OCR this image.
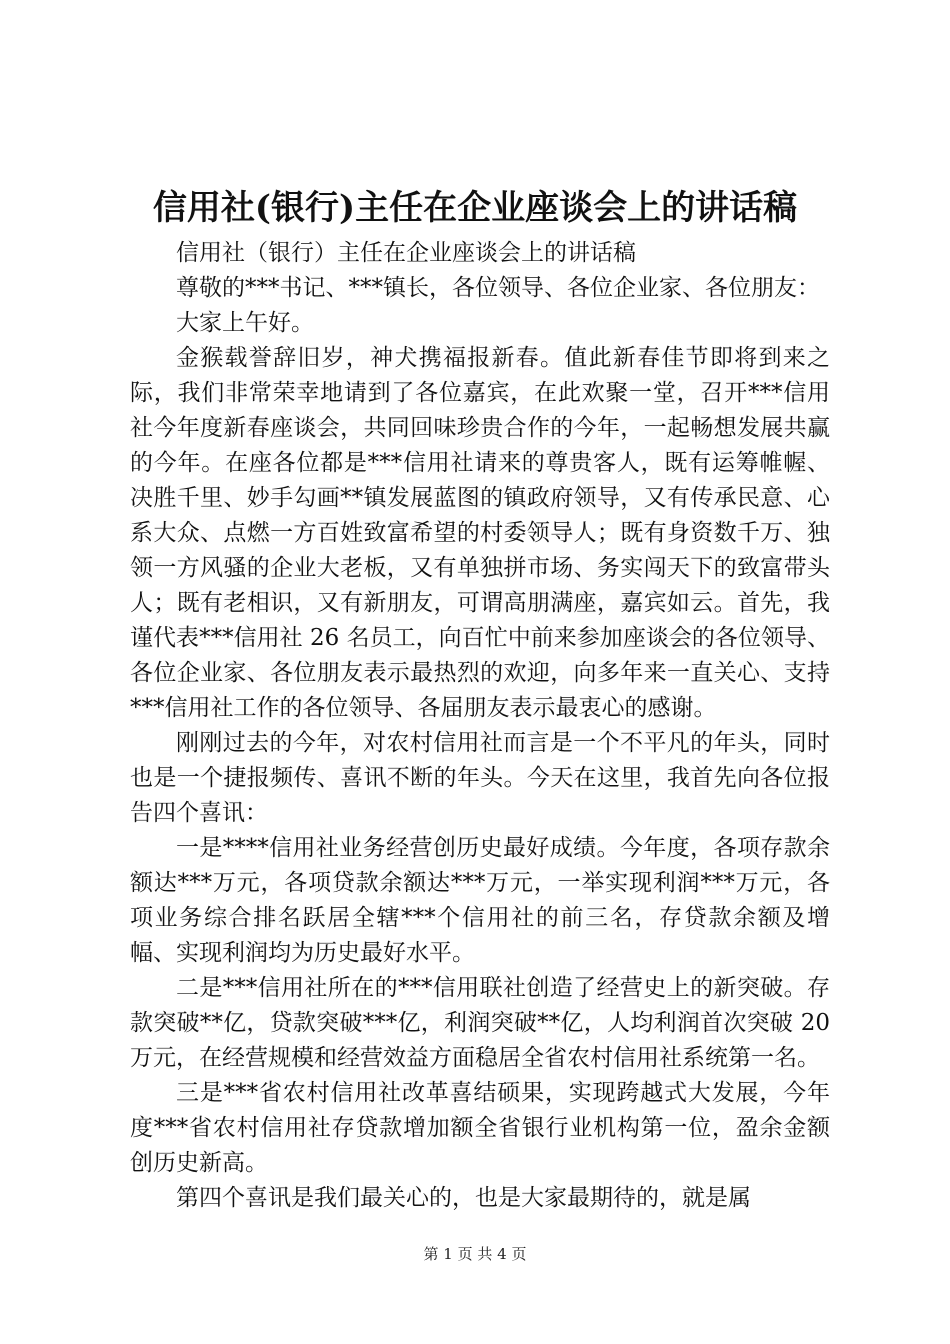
信用社(银行)主任在企业座谈会上的讲话稿

信用社（银行）主任在企业座谈会上的讲话稿

尊敬的***书记、***镇长，各位领导、各位企业家、各位朋友：

大家上午好。

金猴载誉辞旧岁，神犬携福报新春。值此新春佳节即将到来之际，我们非常荣幸地请到了各位嘉宾，在此欢聚一堂，召开***信用社今年度新春座谈会，共同回味珍贵合作的今年，一起畅想发展共赢的今年。在座各位都是***信用社请来的尊贵客人，既有运筹帷幄、决胜千里、妙手勾画**镇发展蓝图的镇政府领导，又有传承民意、心系大众、点燃一方百姓致富希望的村委领导人；既有身资数千万、独领一方风骚的企业大老板，又有单独拼市场、务实闯天下的致富带头人；既有老相识，又有新朋友，可谓高朋满座，嘉宾如云。首先，我谨代表***信用社 26 名员工，向百忙中前来参加座谈会的各位领导、各位企业家、各位朋友表示最热烈的欢迎，向多年来一直关心、支持***信用社工作的各位领导、各届朋友表示最衷心的感谢。

刚刚过去的今年，对农村信用社而言是一个不平凡的年头，同时也是一个捷报频传、喜讯不断的年头。今天在这里，我首先向各位报告四个喜讯：

一是****信用社业务经营创历史最好成绩。今年度，各项存款余额达***万元，各项贷款余额达***万元，一举实现利润***万元，各项业务综合排名跃居全辖***个信用社的前三名，存贷款余额及增幅、实现利润均为历史最好水平。

二是***信用社所在的***信用联社创造了经营史上的新突破。存款突破**亿，贷款突破***亿，利润突破**亿，人均利润首次突破 20 万元，在经营规模和经营效益方面稳居全省农村信用社系统第一名。

三是***省农村信用社改革喜结硕果，实现跨越式大发展，今年度***省农村信用社存贷款增加额全省银行业机构第一位，盈余金额创历史新高。

第四个喜讯是我们最关心的，也是大家最期待的，就是属

第 1 页 共 4 页
